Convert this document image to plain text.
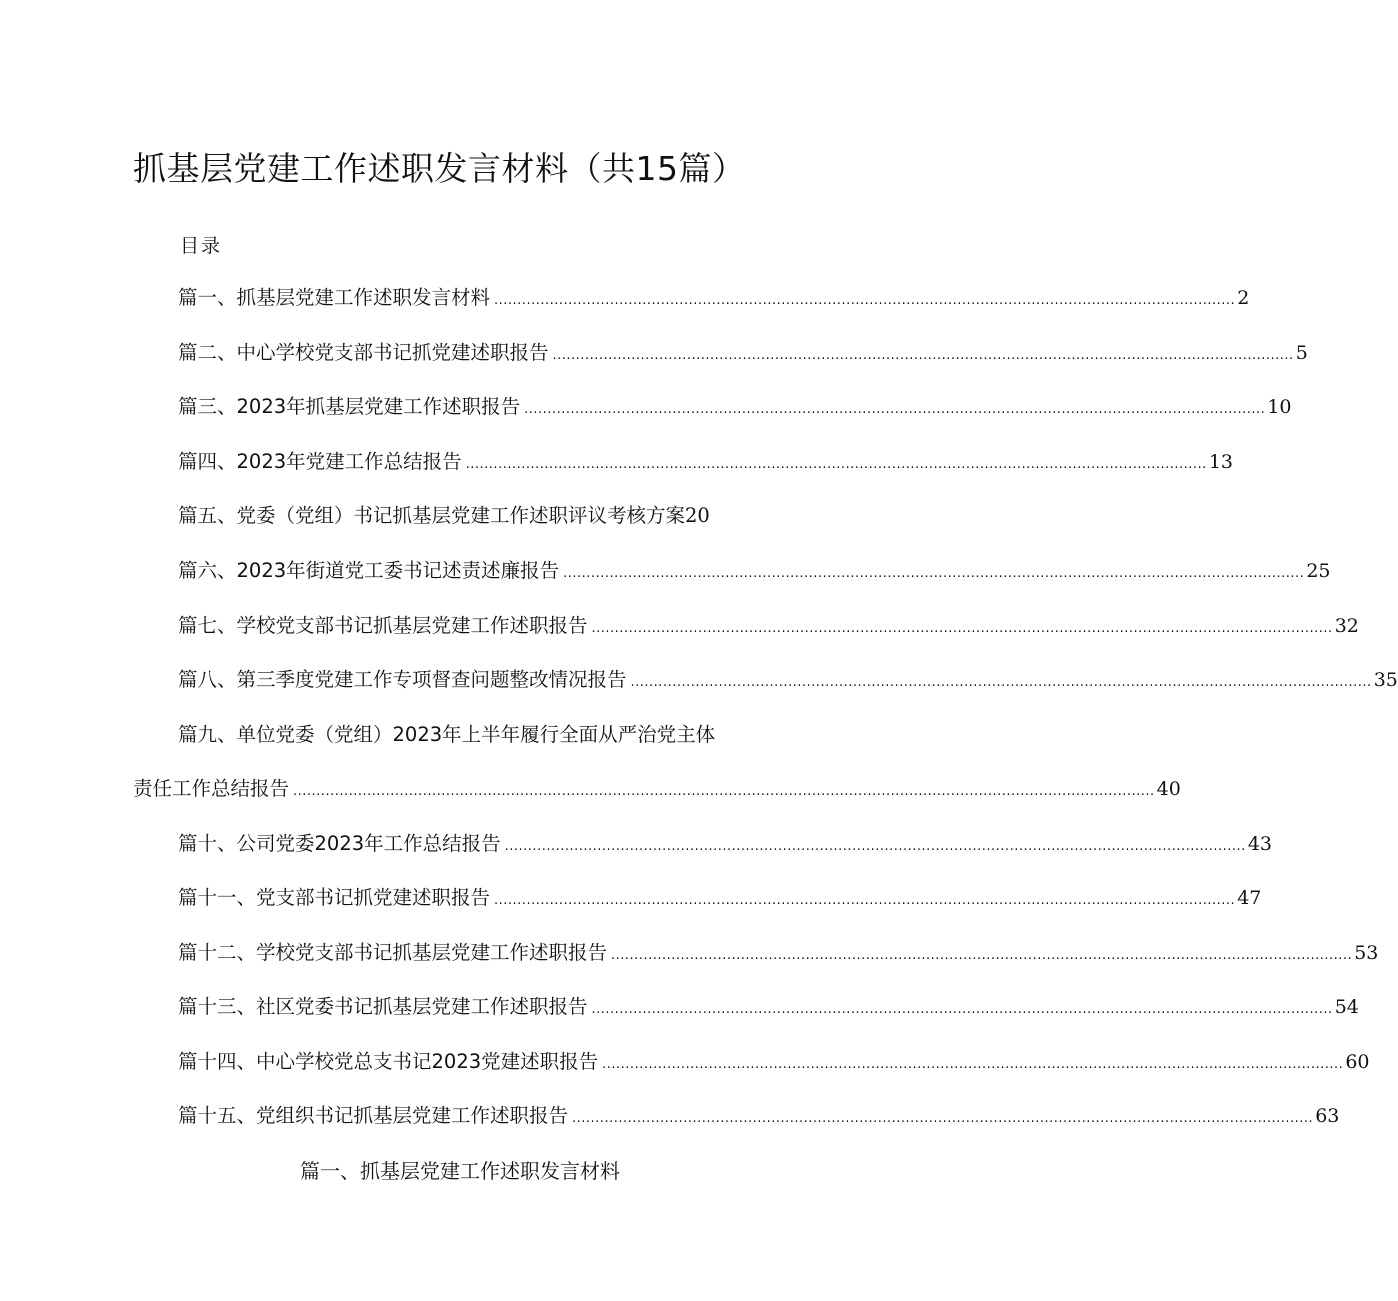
抓基层党建工作述职发言材料（共15篇）
目录
篇一、抓基层党建工作述职发言材料 ................................................................................................................................................................ 2
篇二、中心学校党支部书记抓党建述职报告 ................................................................................................................................................................ 5
篇三、2023年抓基层党建工作述职报告 ................................................................................................................................................................ 10
篇四、2023年党建工作总结报告 ................................................................................................................................................................ 13
篇五、党委（党组）书记抓基层党建工作述职评议考核方案20
篇六、2023年街道党工委书记述责述廉报告 ................................................................................................................................................................ 25
篇七、学校党支部书记抓基层党建工作述职报告 ................................................................................................................................................................ 32
篇八、第三季度党建工作专项督查问题整改情况报告 ................................................................................................................................................................ 35
篇九、单位党委（党组）2023年上半年履行全面从严治党主体
责任工作总结报告 .......................................................................................................................................................................................... 40
篇十、公司党委2023年工作总结报告 ................................................................................................................................................................ 43
篇十一、党支部书记抓党建述职报告 ................................................................................................................................................................ 47
篇十二、学校党支部书记抓基层党建工作述职报告 ................................................................................................................................................................ 53
篇十三、社区党委书记抓基层党建工作述职报告 ................................................................................................................................................................ 54
篇十四、中心学校党总支书记2023党建述职报告 ................................................................................................................................................................ 60
篇十五、党组织书记抓基层党建工作述职报告 ................................................................................................................................................................ 63
篇一、抓基层党建工作述职发言材料
